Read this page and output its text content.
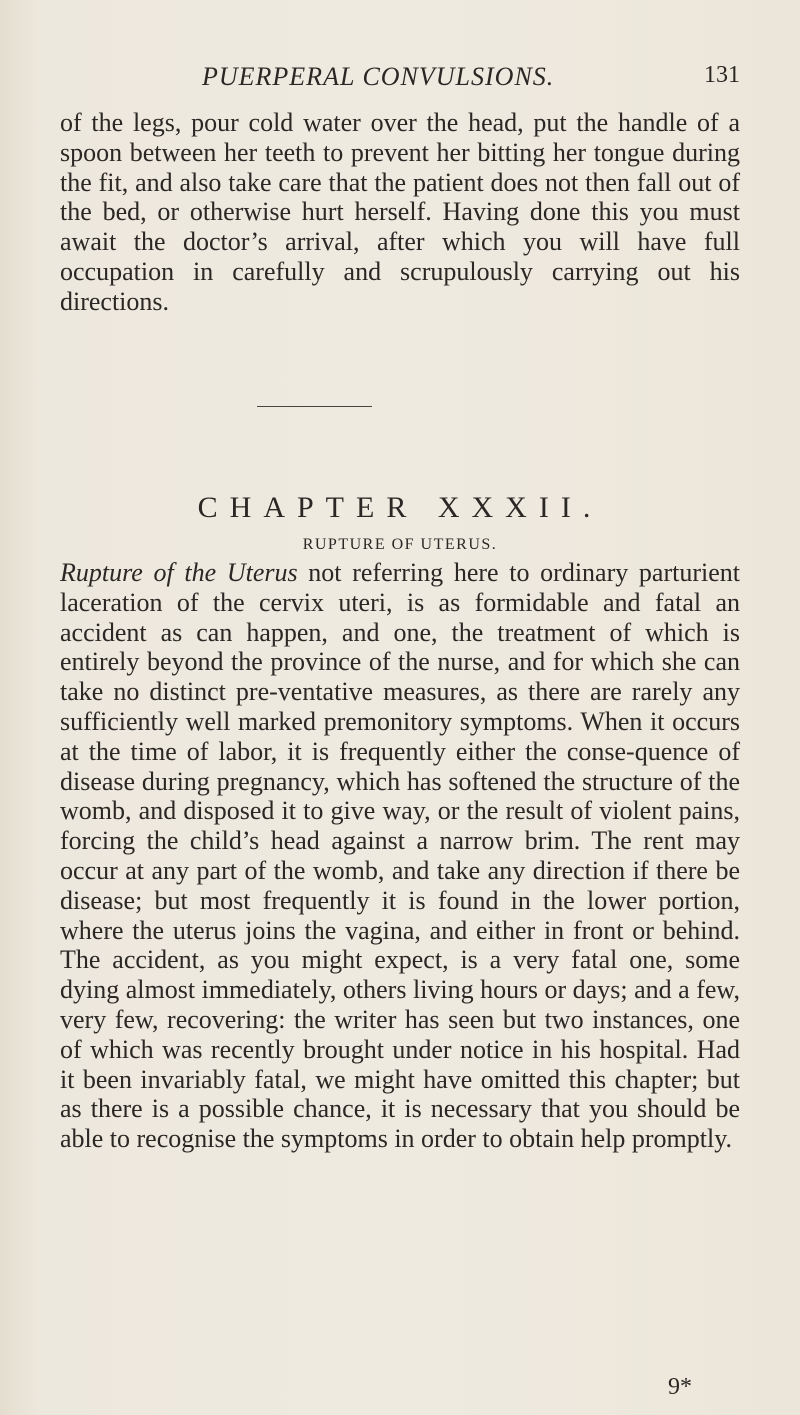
PUERPERAL CONVULSIONS.	131

of the legs, pour cold water over the head, put the handle of a spoon between her teeth to prevent her bitting her tongue during the fit, and also take care that the patient does not then fall out of the bed, or otherwise hurt herself. Having done this you must await the doctor’s arrival, after which you will have full occupation in carefully and scrupulously carrying out his directions.

CHAPTER XXXII.
RUPTURE OF UTERUS.

Rupture of the Uterus not referring here to ordinary parturient laceration of the cervix uteri, is as formidable and fatal an accident as can happen, and one, the treatment of which is entirely beyond the province of the nurse, and for which she can take no distinct pre-ventative measures, as there are rarely any sufficiently well marked premonitory symptoms. When it occurs at the time of labor, it is frequently either the conse-quence of disease during pregnancy, which has softened the structure of the womb, and disposed it to give way, or the result of violent pains, forcing the child’s head against a narrow brim. The rent may occur at any part of the womb, and take any direction if there be disease; but most frequently it is found in the lower portion, where the uterus joins the vagina, and either in front or behind. The accident, as you might expect, is a very fatal one, some dying almost immediately, others living hours or days; and a few, very few, recovering: the writer has seen but two instances, one of which was recently brought under notice in his hospital. Had it been invariably fatal, we might have omitted this chapter; but as there is a possible chance, it is necessary that you should be able to recognise the symptoms in order to obtain help promptly.

9*
